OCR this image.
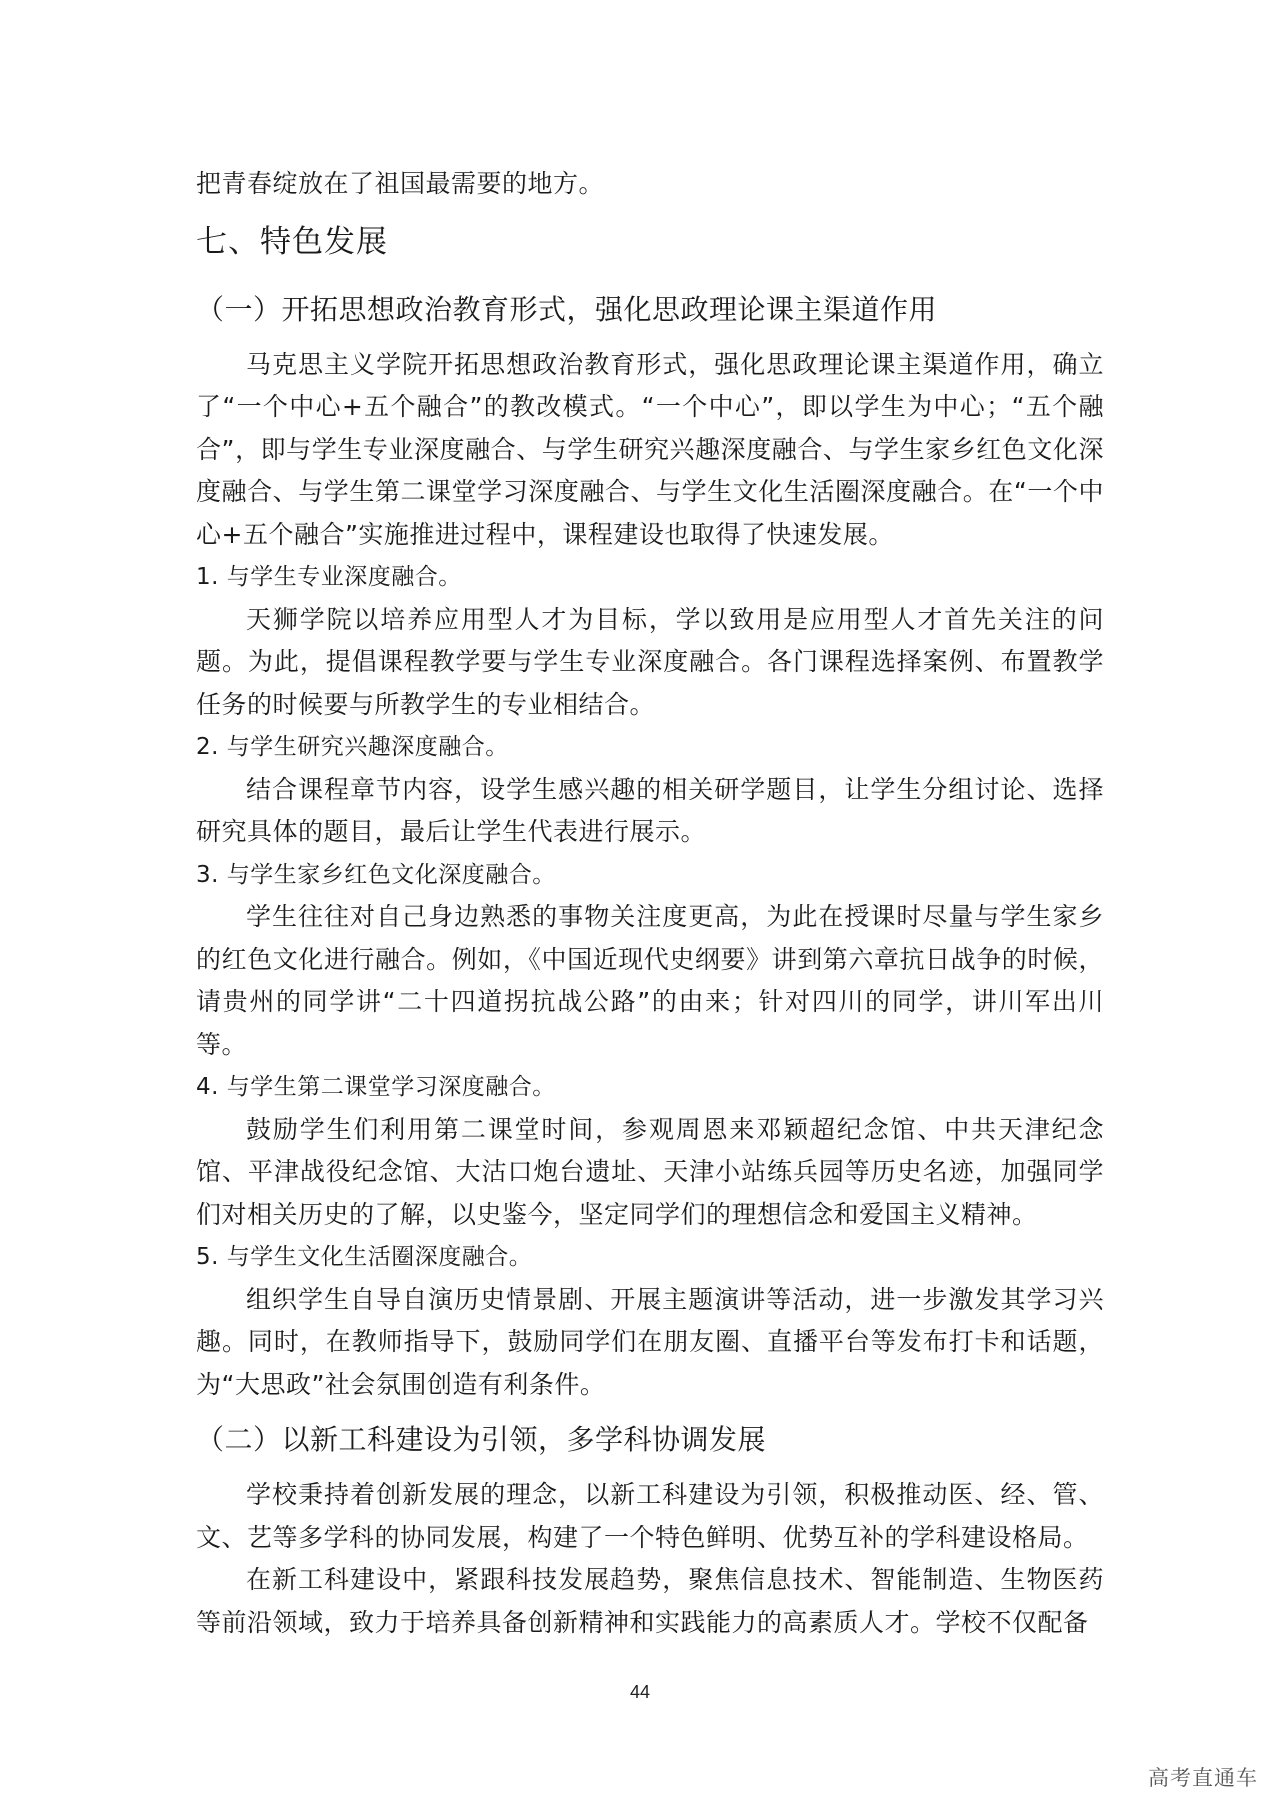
把青春绽放在了祖国最需要的地方。

七、特色发展
（一）开拓思想政治教育形式，强化思政理论课主渠道作用

马克思主义学院开拓思想政治教育形式，强化思政理论课主渠道作用，确立了“一个中心+五个融合”的教改模式。“一个中心”，即以学生为中心；“五个融合”，即与学生专业深度融合、与学生研究兴趣深度融合、与学生家乡红色文化深度融合、与学生第二课堂学习深度融合、与学生文化生活圈深度融合。在“一个中心+五个融合”实施推进过程中，课程建设也取得了快速发展。

1. 与学生专业深度融合。

天狮学院以培养应用型人才为目标，学以致用是应用型人才首先关注的问题。为此，提倡课程教学要与学生专业深度融合。各门课程选择案例、布置教学任务的时候要与所教学生的专业相结合。

2. 与学生研究兴趣深度融合。

结合课程章节内容，设学生感兴趣的相关研学题目，让学生分组讨论、选择研究具体的题目，最后让学生代表进行展示。

3. 与学生家乡红色文化深度融合。

学生往往对自己身边熟悉的事物关注度更高，为此在授课时尽量与学生家乡的红色文化进行融合。例如，《中国近现代史纲要》讲到第六章抗日战争的时候，请贵州的同学讲“二十四道拐抗战公路”的由来；针对四川的同学，讲川军出川等。

4. 与学生第二课堂学习深度融合。

鼓励学生们利用第二课堂时间，参观周恩来邓颖超纪念馆、中共天津纪念馆、平津战役纪念馆、大沽口炮台遗址、天津小站练兵园等历史名迹，加强同学们对相关历史的了解，以史鉴今，坚定同学们的理想信念和爱国主义精神。

5. 与学生文化生活圈深度融合。

组织学生自导自演历史情景剧、开展主题演讲等活动，进一步激发其学习兴趣。同时，在教师指导下，鼓励同学们在朋友圈、直播平台等发布打卡和话题，为“大思政”社会氛围创造有利条件。

（二）以新工科建设为引领，多学科协调发展

学校秉持着创新发展的理念，以新工科建设为引领，积极推动医、经、管、文、艺等多学科的协同发展，构建了一个特色鲜明、优势互补的学科建设格局。

在新工科建设中，紧跟科技发展趋势，聚焦信息技术、智能制造、生物医药等前沿领域，致力于培养具备创新精神和实践能力的高素质人才。学校不仅配备

44
高考直通车
